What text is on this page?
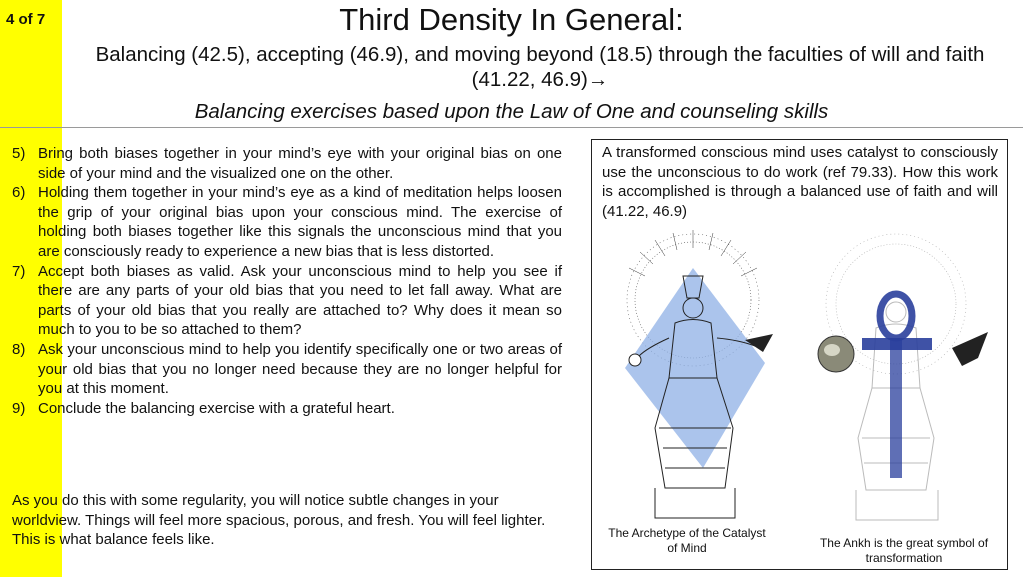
4 of 7	Third Density In General:
Balancing (42.5), accepting (46.9), and moving beyond (18.5) through the faculties of will and faith (41.22, 46.9)→
Balancing exercises based upon the Law of One and counseling skills
5) Bring both biases together in your mind’s eye with your original bias on one side of your mind and the visualized one on the other.
6) Holding them together in your mind’s eye as a kind of meditation helps loosen the grip of your original bias upon your conscious mind. The exercise of holding both biases together like this signals the unconscious mind that you are consciously ready to experience a new bias that is less distorted.
7) Accept both biases as valid. Ask your unconscious mind to help you see if there are any parts of your old bias that you need to let fall away. What are parts of your old bias that you really are attached to? Why does it mean so much to you to be so attached to them?
8) Ask your unconscious mind to help you identify specifically one or two areas of your old bias that you no longer need because they are no longer helpful for you at this moment.
9) Conclude the balancing exercise with a grateful heart.

As you do this with some regularity, you will notice subtle changes in your worldview. Things will feel more spacious, porous, and fresh. You will feel lighter. This is what balance feels like.

A transformed conscious mind uses catalyst to consciously use the unconscious to do work (ref 79.33). How this work is accomplished is through a balanced use of faith and will (41.22, 46.9)

The Archetype of the Catalyst of Mind	The Ankh is the great symbol of transformation
